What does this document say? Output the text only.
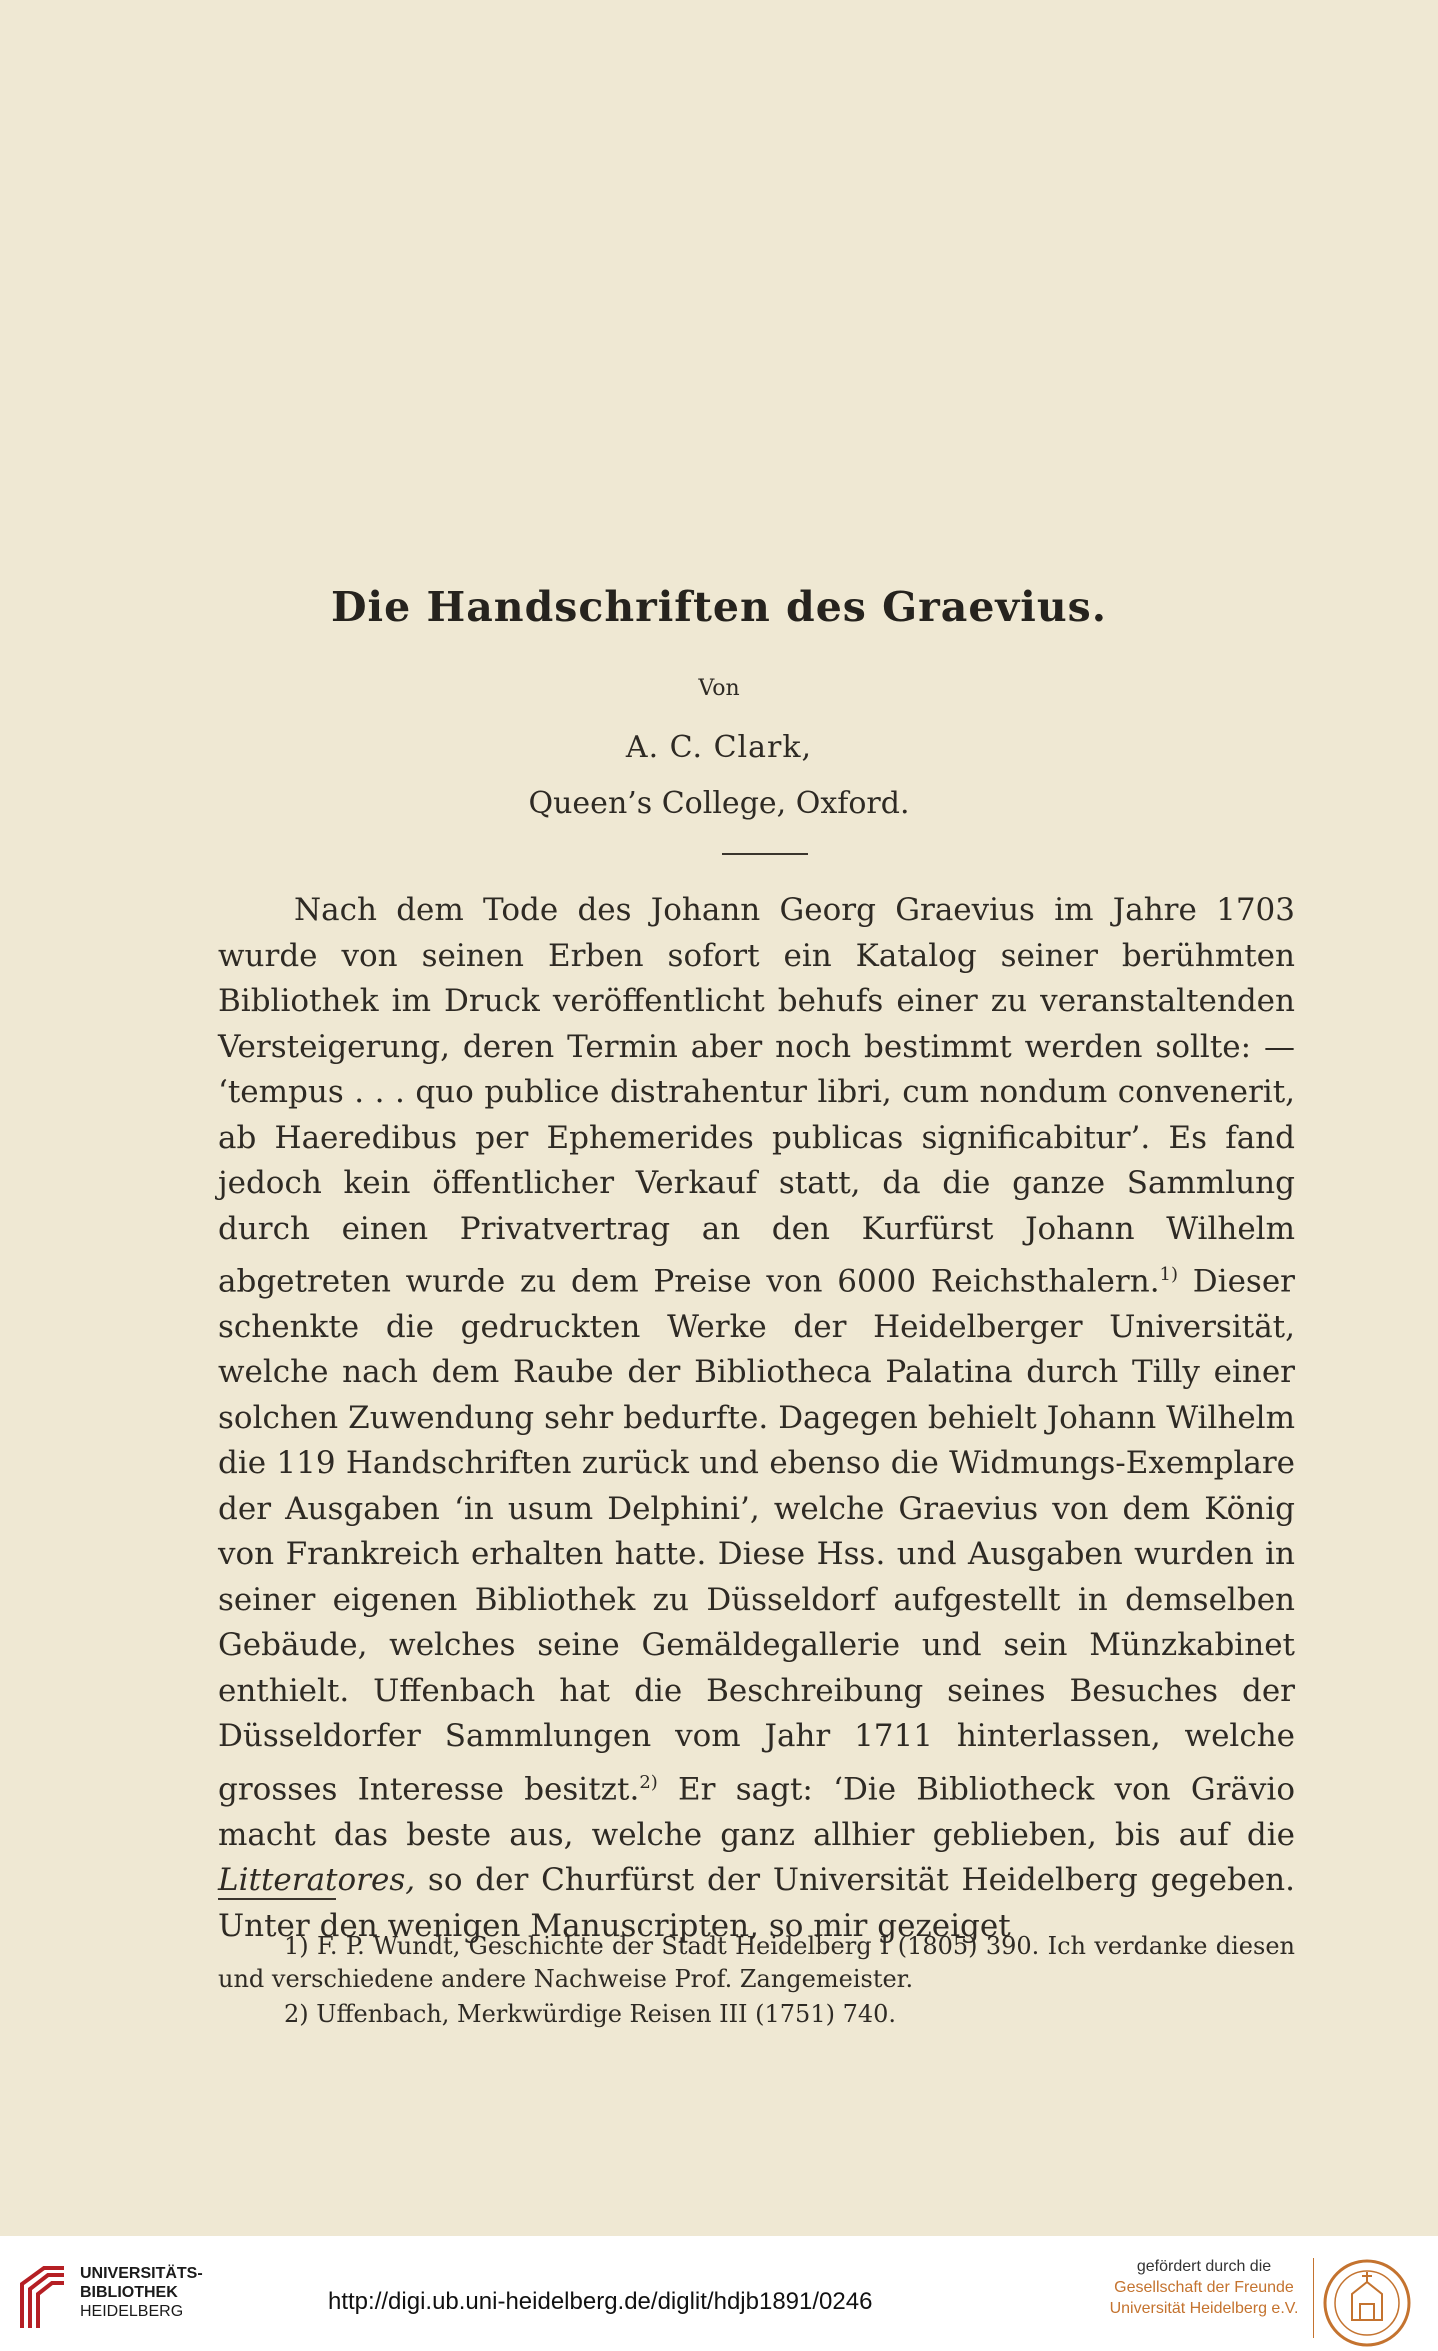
Die Handschriften des Graevius.
Von
A. C. Clark,
Queen’s College, Oxford.

Nach dem Tode des Johann Georg Graevius im Jahre 1703 wurde von seinen Erben sofort ein Katalog seiner berühmten Bibliothek im Druck veröffentlicht behufs einer zu veranstaltenden Versteigerung, deren Termin aber noch bestimmt werden sollte: — ‘tempus . . . quo publice distrahentur libri, cum nondum convenerit, ab Haeredibus per Ephemerides publicas significabitur’. Es fand jedoch kein öffentlicher Verkauf statt, da die ganze Sammlung durch einen Privatvertrag an den Kurfürst Johann Wilhelm abgetreten wurde zu dem Preise von 6000 Reichsthalern.$^{1)}$ Dieser schenkte die gedruckten Werke der Heidelberger Universität, welche nach dem Raube der Bibliotheca Palatina durch Tilly einer solchen Zuwendung sehr bedurfte. Dagegen behielt Johann Wilhelm die 119 Handschriften zurück und ebenso die Widmungs-Exemplare der Ausgaben ‘in usum Delphini’, welche Graevius von dem König von Frankreich erhalten hatte. Diese Hss. und Ausgaben wurden in seiner eigenen Bibliothek zu Düsseldorf aufgestellt in demselben Gebäude, welches seine Gemäldegallerie und sein Münzkabinet enthielt. Uffenbach hat die Beschreibung seines Besuches der Düsseldorfer Sammlungen vom Jahr 1711 hinterlassen, welche grosses Interesse besitzt.$^{2)}$ Er sagt: ‘Die Bibliotheck von Grävio macht das beste aus, welche ganz allhier geblieben, bis auf die Litteratores, so der Churfürst der Universität Heidelberg gegeben. Unter den wenigen Manuscripten, so mir gezeiget

1) F. P. Wundt, Geschichte der Stadt Heidelberg I (1805) 390. Ich verdanke diesen und verschiedene andere Nachweise Prof. Zangemeister.

2) Uffenbach, Merkwürdige Reisen III (1751) 740.

UNIVERSITÄTS-
BIBLIOTHEK
HEIDELBERG	http://digi.ub.uni-heidelberg.de/diglit/hdjb1891/0246
gefördert durch die
Gesellschaft der Freunde
Universität Heidelberg e.V.
